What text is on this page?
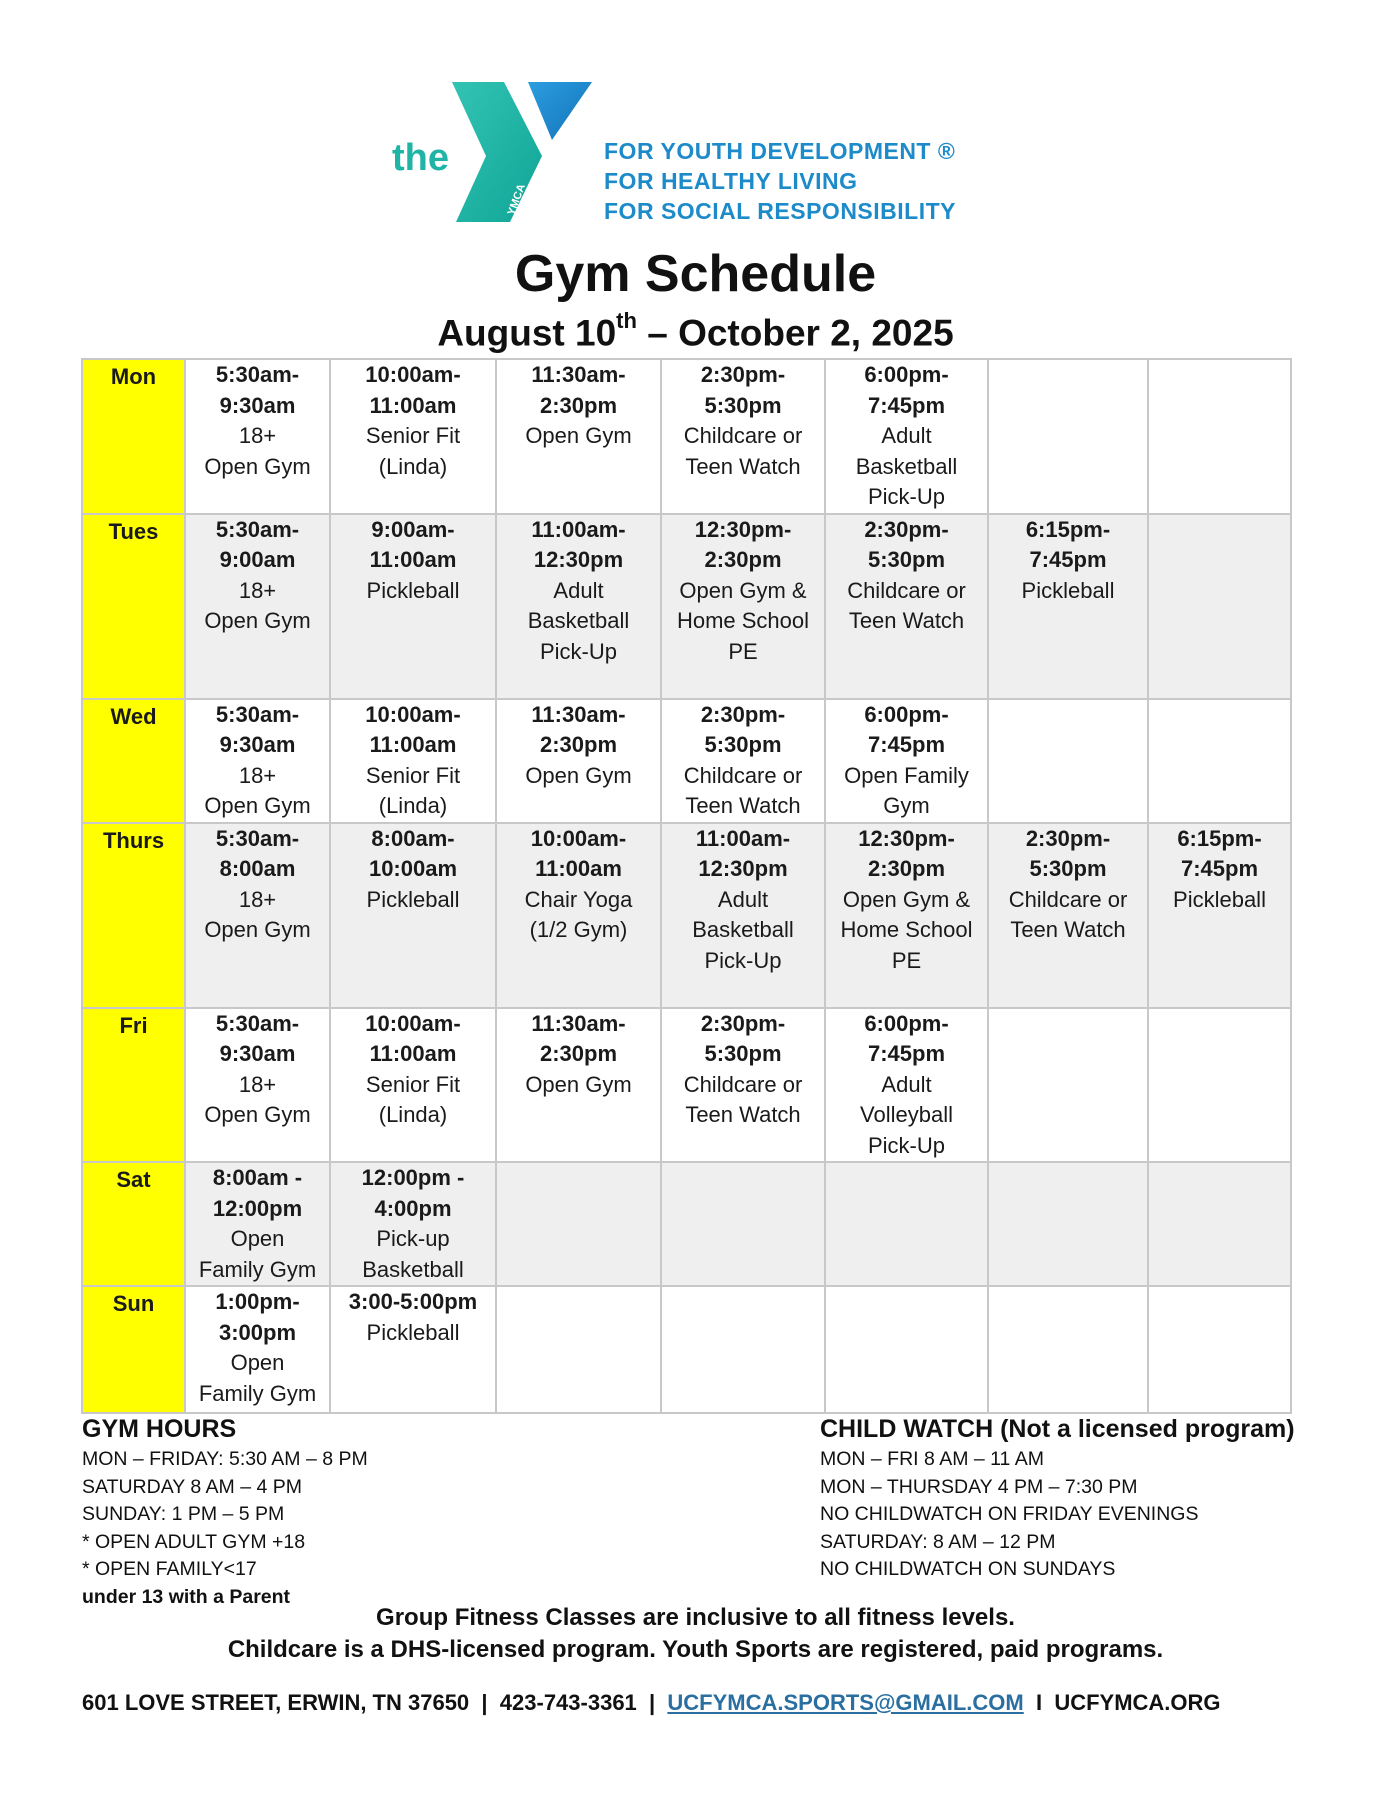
the
YMCA
FOR YOUTH DEVELOPMENT ®
FOR HEALTHY LIVING
FOR SOCIAL RESPONSIBILITY
Gym Schedule
August 10th – October 2, 2025
Mon	5:30am-
9:30am
18+
Open Gym	10:00am-
11:00am
Senior Fit
(Linda)	11:30am-
2:30pm
Open Gym	2:30pm-
5:30pm
Childcare or
Teen Watch	6:00pm-
7:45pm
Adult
Basketball
Pick-Up		

Tues	5:30am-
9:00am
18+
Open Gym	9:00am-
11:00am
Pickleball	11:00am-
12:30pm
Adult
Basketball
Pick-Up	12:30pm-
2:30pm
Open Gym &
Home School
PE	2:30pm-
5:30pm
Childcare or
Teen Watch	6:15pm-
7:45pm
Pickleball	

Wed	5:30am-
9:30am
18+
Open Gym	10:00am-
11:00am
Senior Fit
(Linda)	11:30am-
2:30pm
Open Gym	2:30pm-
5:30pm
Childcare or
Teen Watch	6:00pm-
7:45pm
Open Family
Gym		

Thurs	5:30am-
8:00am
18+
Open Gym	8:00am-
10:00am
Pickleball	10:00am-
11:00am
Chair Yoga
(1/2 Gym)	11:00am-
12:30pm
Adult
Basketball
Pick-Up	12:30pm-
2:30pm
Open Gym &
Home School
PE	2:30pm-
5:30pm
Childcare or
Teen Watch	6:15pm-
7:45pm
Pickleball

Fri	5:30am-
9:30am
18+
Open Gym	10:00am-
11:00am
Senior Fit
(Linda)	11:30am-
2:30pm
Open Gym	2:30pm-
5:30pm
Childcare or
Teen Watch	6:00pm-
7:45pm
Adult
Volleyball
Pick-Up		

Sat	8:00am -
12:00pm
Open
Family Gym	12:00pm -
4:00pm
Pick-up
Basketball					

Sun	1:00pm-
3:00pm
Open
Family Gym	3:00-5:00pm
Pickleball					

GYM HOURS
MON – FRIDAY: 5:30 AM – 8 PM
SATURDAY 8 AM – 4 PM
SUNDAY: 1 PM – 5 PM
* OPEN ADULT GYM +18
* OPEN FAMILY<17
under 13 with a Parent
CHILD WATCH (Not a licensed program)
MON – FRI 8 AM – 11 AM
MON – THURSDAY 4 PM – 7:30 PM
NO CHILDWATCH ON FRIDAY EVENINGS
SATURDAY: 8 AM – 12 PM
NO CHILDWATCH ON SUNDAYS
Group Fitness Classes are inclusive to all fitness levels.
Childcare is a DHS-licensed program. Youth Sports are registered, paid programs.
601 LOVE STREET, ERWIN, TN 37650  |  423-743-3361  |  UCFYMCA.SPORTS@GMAIL.COM  I  UCFYMCA.ORG
